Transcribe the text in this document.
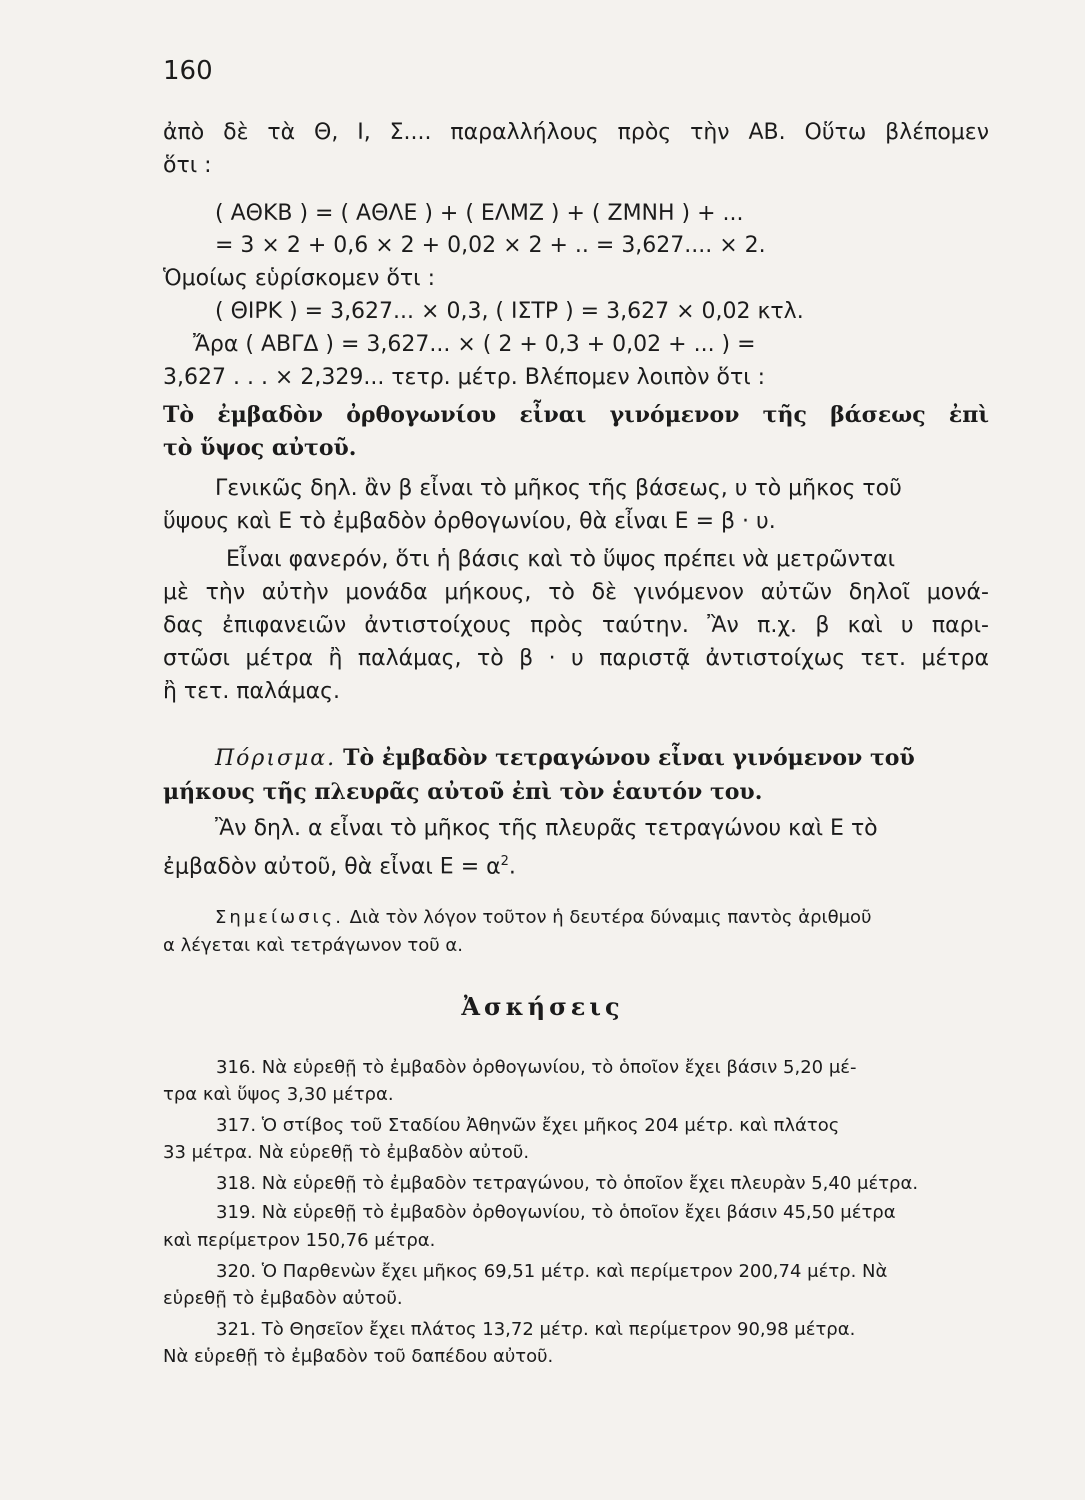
160
ἀπὸ δὲ τὰ Θ, Ι, Σ.... παραλλήλους πρὸς τὴν ΑΒ. Οὕτω βλέπομεν
ὅτι :
( ΑΘΚΒ ) = ( ΑΘΛΕ ) + ( ΕΛΜΖ ) + ( ΖΜΝΗ ) + ...
= 3 × 2 + 0,6 × 2 + 0,02 × 2 + .. = 3,627.... × 2.
Ὁμοίως εὑρίσκομεν ὅτι :
( ΘΙΡΚ ) = 3,627... × 0,3, ( ΙΣΤΡ ) = 3,627 × 0,02 κτλ.
Ἄρα ( ΑΒΓΔ ) = 3,627... × ( 2 + 0,3 + 0,02 + ... ) =
3,627 . . . × 2,329... τετρ. μέτρ. Βλέπομεν λοιπὸν ὅτι :
Τὸ ἐμβαδὸν ὀρθογωνίου εἶναι γινόμενον τῆς βάσεως ἐπὶ
τὸ ὕψος αὐτοῦ.
Γενικῶς δηλ. ἂν β εἶναι τὸ μῆκος τῆς βάσεως, υ τὸ μῆκος τοῦ
ὕψους καὶ Ε τὸ ἐμβαδὸν ὀρθογωνίου, θὰ εἶναι Ε = β · υ.
Εἶναι φανερόν, ὅτι ἡ βάσις καὶ τὸ ὕψος πρέπει νὰ μετρῶνται
μὲ τὴν αὐτὴν μονάδα μήκους, τὸ δὲ γινόμενον αὐτῶν δηλοῖ μονά-
δας ἐπιφανειῶν ἀντιστοίχους πρὸς ταύτην. Ἂν π.χ. β καὶ υ παρι-
στῶσι μέτρα ἢ παλάμας, τὸ β · υ παριστᾷ ἀντιστοίχως τετ. μέτρα
ἢ τετ. παλάμας.
Πόρισμα. Τὸ ἐμβαδὸν τετραγώνου εἶναι γινόμενον τοῦ
μήκους τῆς πλευρᾶς αὐτοῦ ἐπὶ τὸν ἑαυτόν του.
Ἂν δηλ. α εἶναι τὸ μῆκος τῆς πλευρᾶς τετραγώνου καὶ Ε τὸ
ἐμβαδὸν αὐτοῦ, θὰ εἶναι $E = \alpha^2$.
Σημείωσις. Διὰ τὸν λόγον τοῦτον ἡ δευτέρα δύναμις παντὸς ἀριθμοῦ
α λέγεται καὶ τετράγωνον τοῦ α.
Ἀσκήσεις
316. Νὰ εὑρεθῇ τὸ ἐμβαδὸν ὀρθογωνίου, τὸ ὁποῖον ἔχει βάσιν 5,20 μέ-
τρα καὶ ὕψος 3,30 μέτρα.
317. Ὁ στίβος τοῦ Σταδίου Ἀθηνῶν ἔχει μῆκος 204 μέτρ. καὶ πλάτος
33 μέτρα. Νὰ εὑρεθῇ τὸ ἐμβαδὸν αὐτοῦ.
318. Νὰ εὑρεθῇ τὸ ἐμβαδὸν τετραγώνου, τὸ ὁποῖον ἔχει πλευρὰν 5,40 μέτρα.
319. Νὰ εὑρεθῇ τὸ ἐμβαδὸν ὀρθογωνίου, τὸ ὁποῖον ἔχει βάσιν 45,50 μέτρα
καὶ περίμετρον 150,76 μέτρα.
320. Ὁ Παρθενὼν ἔχει μῆκος 69,51 μέτρ. καὶ περίμετρον 200,74 μέτρ. Νὰ
εὑρεθῇ τὸ ἐμβαδὸν αὐτοῦ.
321. Τὸ Θησεῖον ἔχει πλάτος 13,72 μέτρ. καὶ περίμετρον 90,98 μέτρα.
Νὰ εὑρεθῇ τὸ ἐμβαδὸν τοῦ δαπέδου αὐτοῦ.
